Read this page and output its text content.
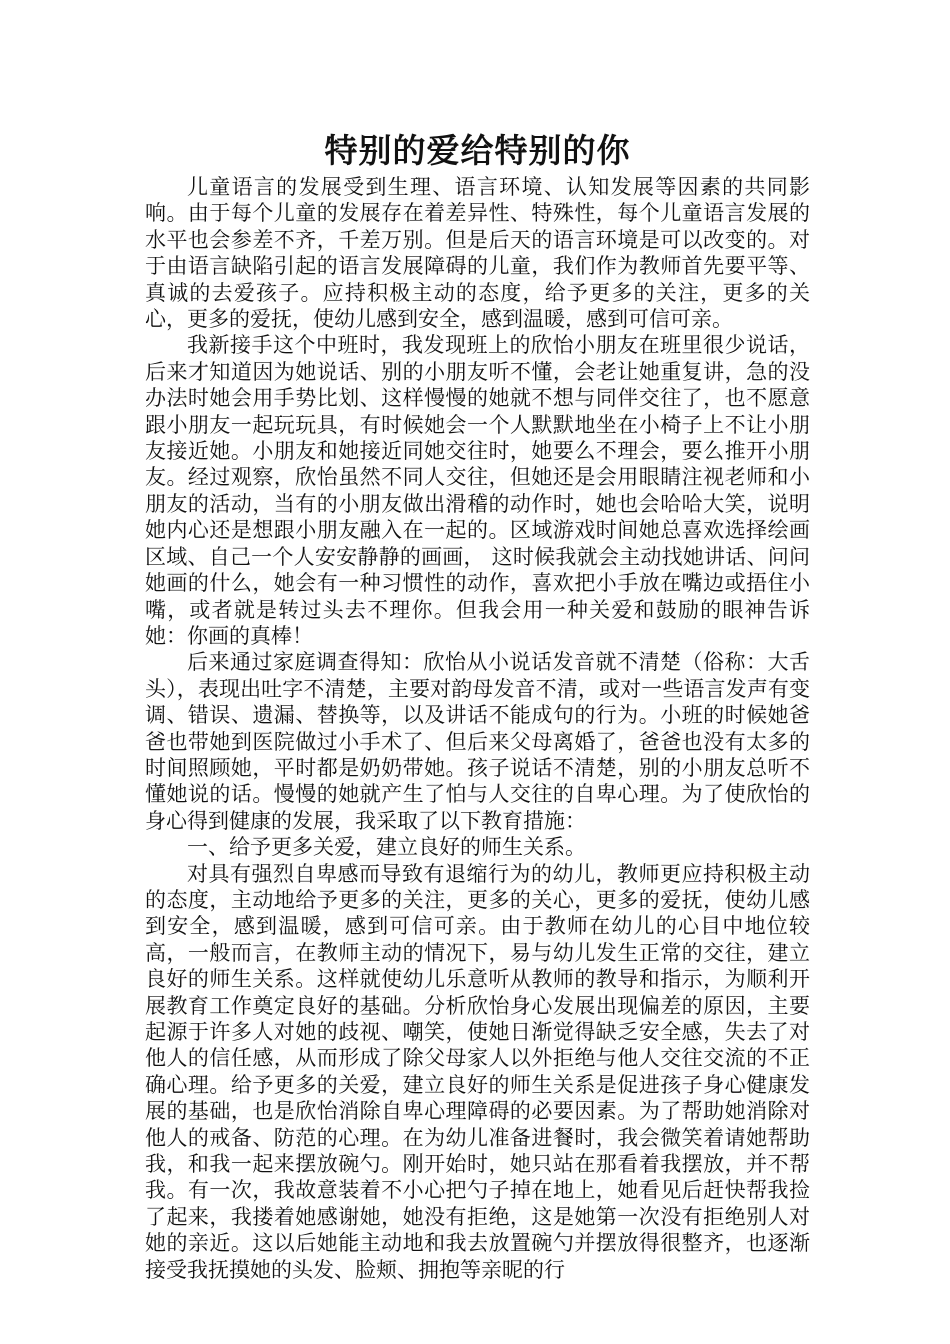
特别的爱给特别的你

儿童语言的发展受到生理、语言环境、认知发展等因素的共同影响。由于每个儿童的发展存在着差异性、特殊性，每个儿童语言发展的水平也会参差不齐，千差万别。但是后天的语言环境是可以改变的。对于由语言缺陷引起的语言发展障碍的儿童，我们作为教师首先要平等、真诚的去爱孩子。应持积极主动的态度，给予更多的关注，更多的关心，更多的爱抚，使幼儿感到安全，感到温暖，感到可信可亲。

我新接手这个中班时，我发现班上的欣怡小朋友在班里很少说话，后来才知道因为她说话、别的小朋友听不懂，会老让她重复讲，急的没办法时她会用手势比划、这样慢慢的她就不想与同伴交往了，也不愿意跟小朋友一起玩玩具，有时候她会一个人默默地坐在小椅子上不让小朋友接近她。小朋友和她接近同她交往时，她要么不理会，要么推开小朋友。经过观察，欣怡虽然不同人交往，但她还是会用眼睛注视老师和小朋友的活动，当有的小朋友做出滑稽的动作时，她也会哈哈大笑，说明她内心还是想跟小朋友融入在一起的。区域游戏时间她总喜欢选择绘画区域、自己一个人安安静静的画画， 这时候我就会主动找她讲话、问问她画的什么，她会有一种习惯性的动作，喜欢把小手放在嘴边或捂住小嘴，或者就是转过头去不理你。但我会用一种关爱和鼓励的眼神告诉她：你画的真棒！

后来通过家庭调查得知：欣怡从小说话发音就不清楚（俗称：大舌头），表现出吐字不清楚，主要对韵母发音不清，或对一些语言发声有变调、错误、遗漏、替换等，以及讲话不能成句的行为。小班的时候她爸爸也带她到医院做过小手术了、但后来父母离婚了，爸爸也没有太多的时间照顾她，平时都是奶奶带她。孩子说话不清楚，别的小朋友总听不懂她说的话。慢慢的她就产生了怕与人交往的自卑心理。为了使欣怡的身心得到健康的发展，我采取了以下教育措施：

一、给予更多关爱，建立良好的师生关系。

对具有强烈自卑感而导致有退缩行为的幼儿，教师更应持积极主动的态度，主动地给予更多的关注，更多的关心，更多的爱抚，使幼儿感到安全，感到温暖，感到可信可亲。由于教师在幼儿的心目中地位较高，一般而言，在教师主动的情况下，易与幼儿发生正常的交往，建立良好的师生关系。这样就使幼儿乐意听从教师的教导和指示，为顺利开展教育工作奠定良好的基础。分析欣怡身心发展出现偏差的原因，主要起源于许多人对她的歧视、嘲笑，使她日渐觉得缺乏安全感，失去了对他人的信任感，从而形成了除父母家人以外拒绝与他人交往交流的不正确心理。给予更多的关爱，建立良好的师生关系是促进孩子身心健康发展的基础，也是欣怡消除自卑心理障碍的必要因素。为了帮助她消除对他人的戒备、防范的心理。在为幼儿准备进餐时，我会微笑着请她帮助我，和我一起来摆放碗勺。刚开始时，她只站在那看着我摆放，并不帮我。有一次，我故意装着不小心把勺子掉在地上，她看见后赶快帮我捡了起来，我搂着她感谢她，她没有拒绝，这是她第一次没有拒绝别人对她的亲近。这以后她能主动地和我去放置碗勺并摆放得很整齐，也逐渐接受我抚摸她的头发、脸颊、拥抱等亲昵的行
